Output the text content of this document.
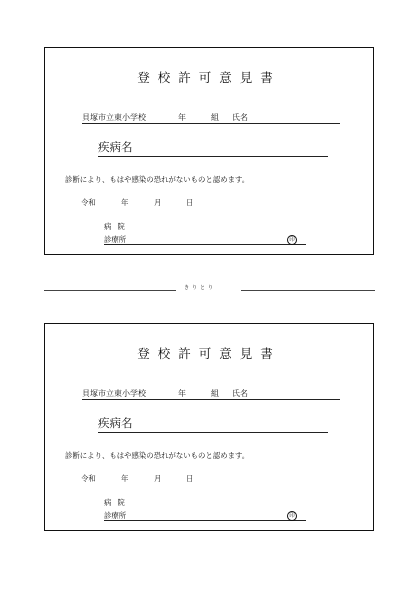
登校許可意見書
貝塚市立東小学校	年	組 氏名
疾病名
診断により、もはや感染の恐れがないものと認めます。
令和	年	月	日
病院
診療所	印
きりとり
登校許可意見書
貝塚市立東小学校	年	組 氏名
疾病名
診断により、もはや感染の恐れがないものと認めます。
令和	年	月	日
病院
診療所	印
